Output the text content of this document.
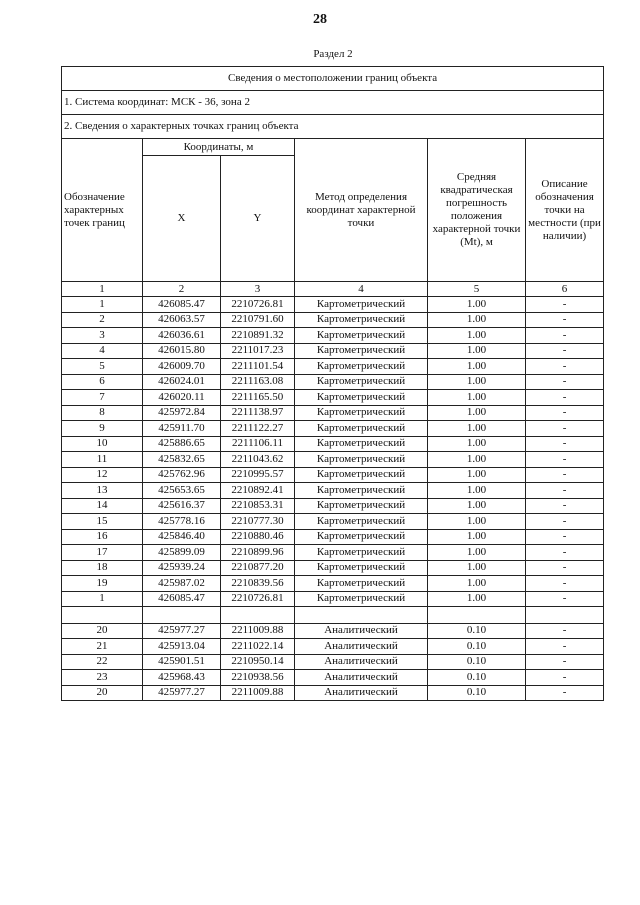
28
Раздел 2
Сведения о местоположении границ объекта					
1. Система координат: МСК - 36, зона 2					
2. Сведения о характерных точках границ объекта					
Обозначение характерных точек границ	Координаты, м		Метод определения координат характерной точки	Средняя квадратическая погрешность положения характерной точки (Mt), м	Описание обозначения точки на местности (при наличии)
	X	Y			
1	2	3	4	5	6
1	426085.47	2210726.81	Картометрический	1.00	-
2	426063.57	2210791.60	Картометрический	1.00	-
3	426036.61	2210891.32	Картометрический	1.00	-
4	426015.80	2211017.23	Картометрический	1.00	-
5	426009.70	2211101.54	Картометрический	1.00	-
6	426024.01	2211163.08	Картометрический	1.00	-
7	426020.11	2211165.50	Картометрический	1.00	-
8	425972.84	2211138.97	Картометрический	1.00	-
9	425911.70	2211122.27	Картометрический	1.00	-
10	425886.65	2211106.11	Картометрический	1.00	-
11	425832.65	2211043.62	Картометрический	1.00	-
12	425762.96	2210995.57	Картометрический	1.00	-
13	425653.65	2210892.41	Картометрический	1.00	-
14	425616.37	2210853.31	Картометрический	1.00	-
15	425778.16	2210777.30	Картометрический	1.00	-
16	425846.40	2210880.46	Картометрический	1.00	-
17	425899.09	2210899.96	Картометрический	1.00	-
18	425939.24	2210877.20	Картометрический	1.00	-
19	425987.02	2210839.56	Картометрический	1.00	-
1	426085.47	2210726.81	Картометрический	1.00	-

20	425977.27	2211009.88	Аналитический	0.10	-
21	425913.04	2211022.14	Аналитический	0.10	-
22	425901.51	2210950.14	Аналитический	0.10	-
23	425968.43	2210938.56	Аналитический	0.10	-
20	425977.27	2211009.88	Аналитический	0.10	-
